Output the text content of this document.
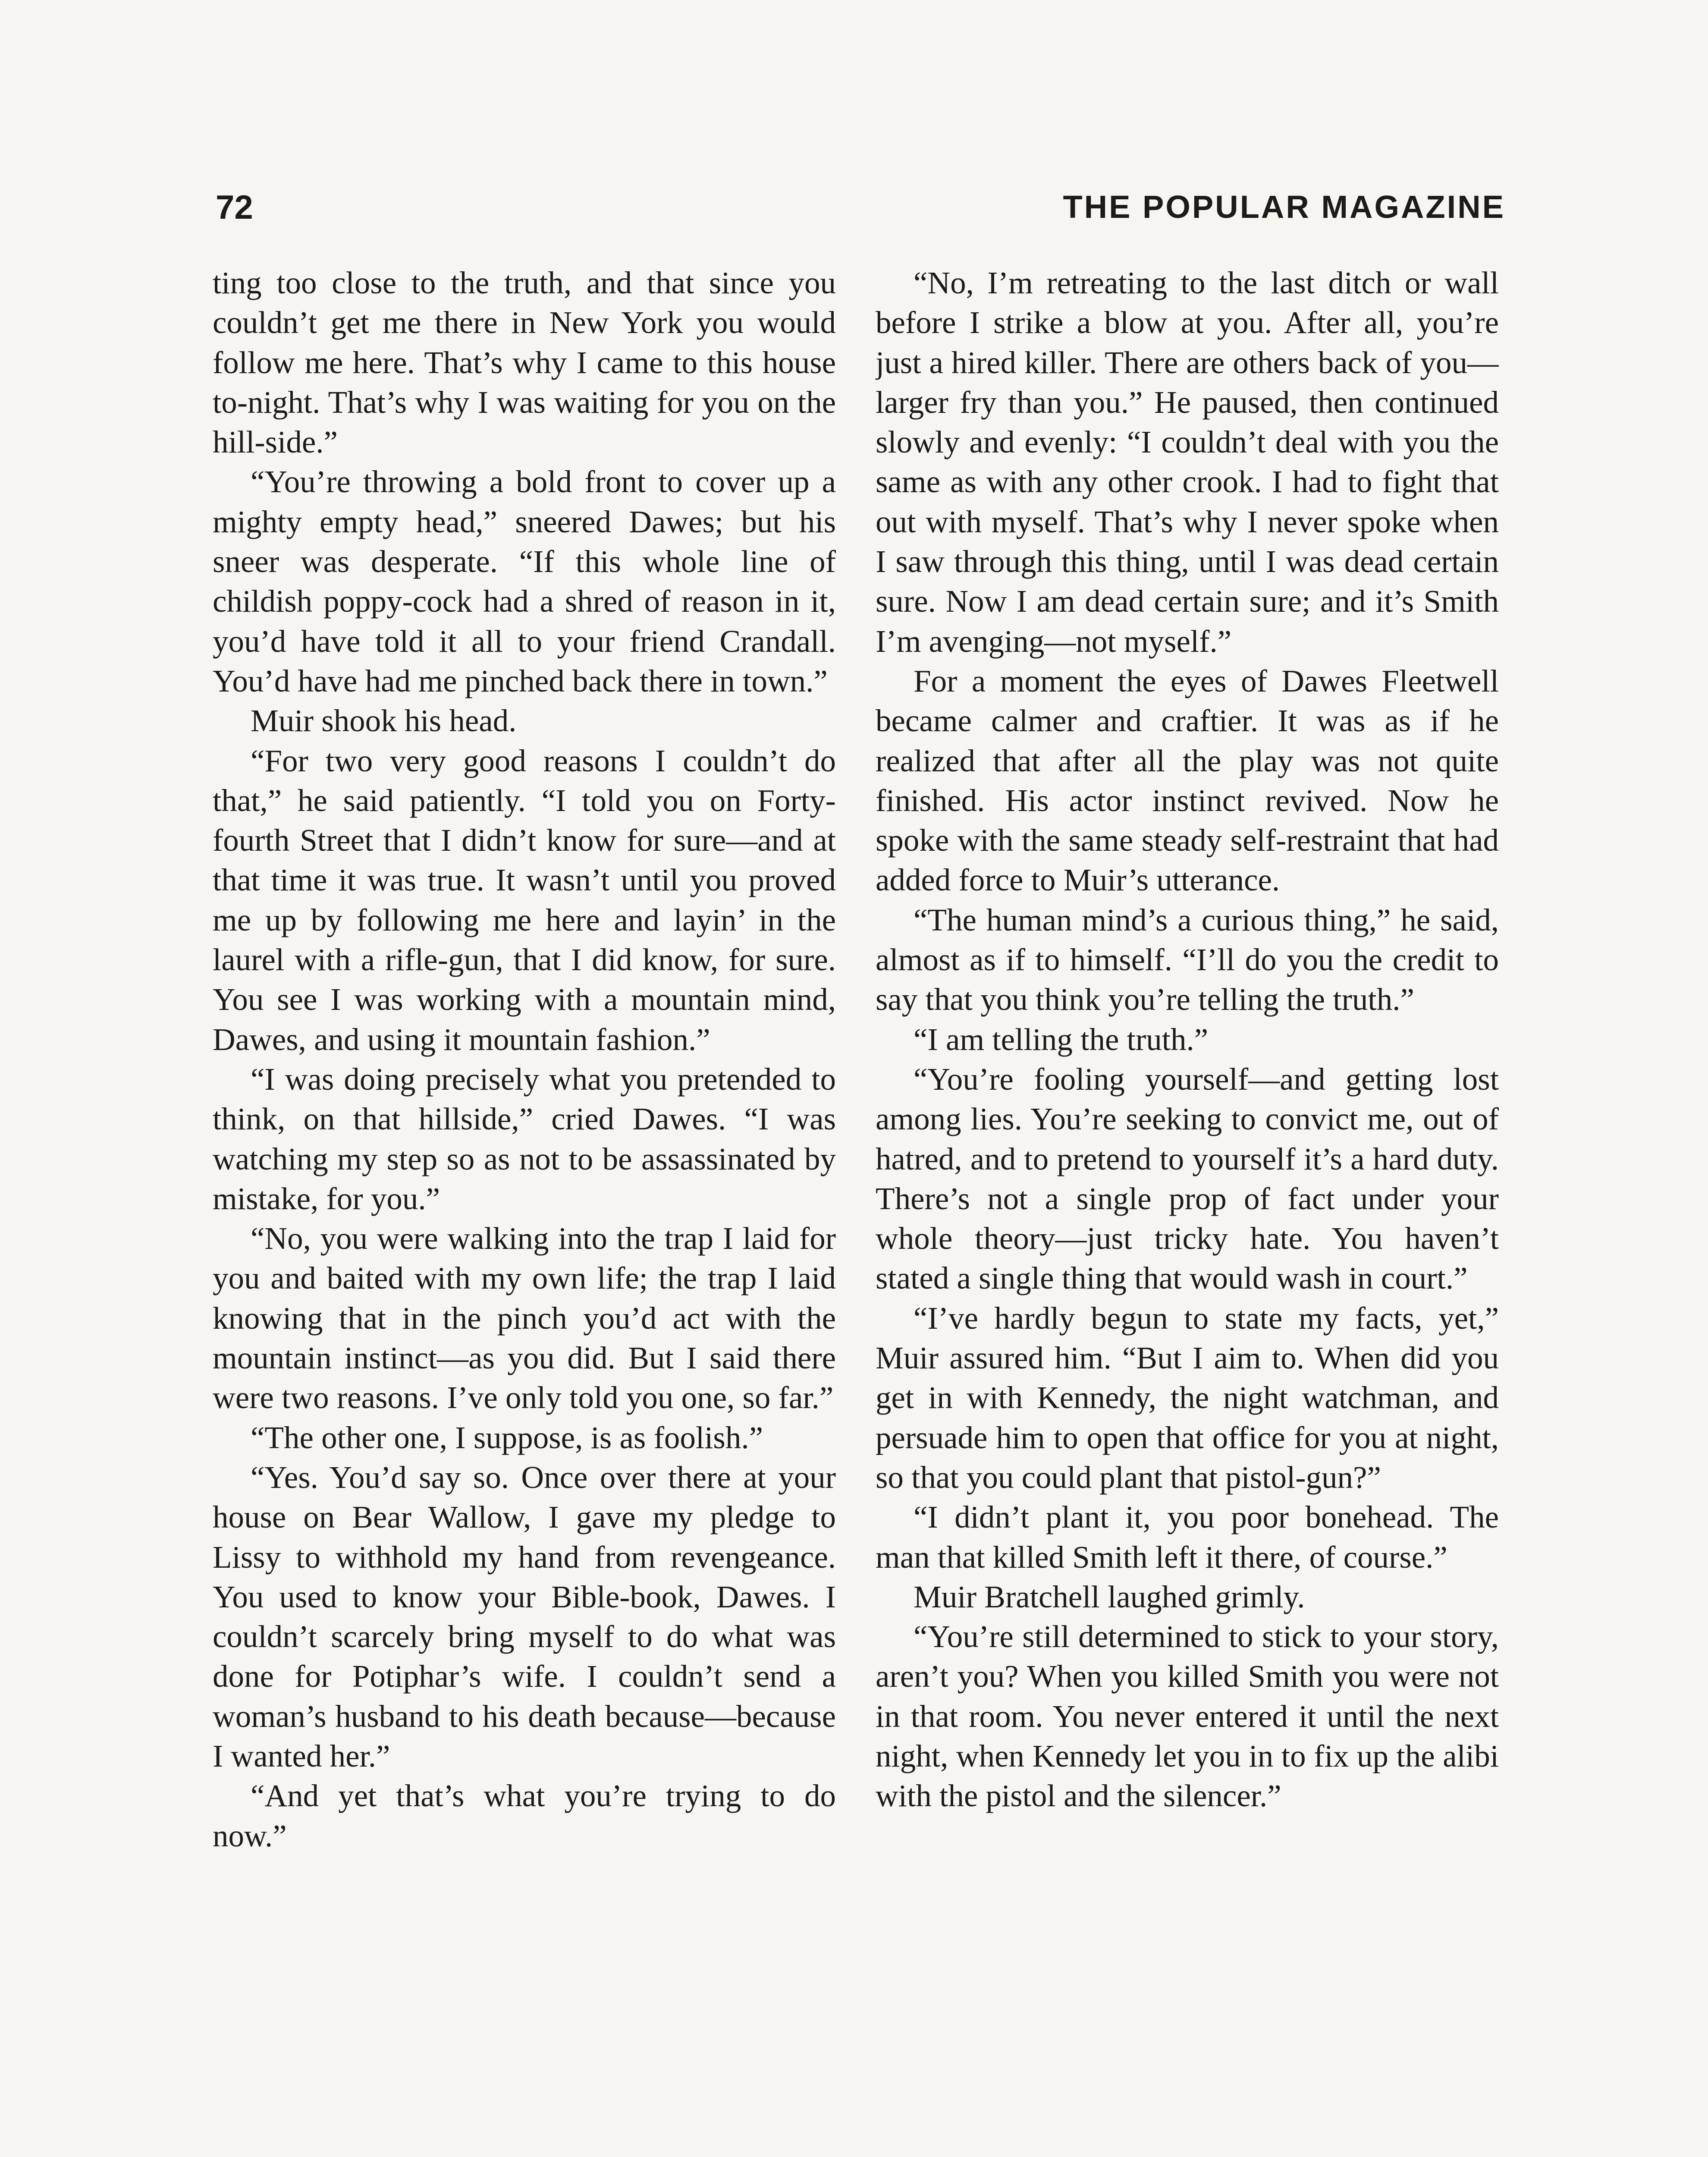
72	THE POPULAR MAGAZINE

ting too close to the truth, and that since you couldn’t get me there in New York you would follow me here. That’s why I came to this house to-night. That’s why I was waiting for you on the hill-side.”

“You’re throwing a bold front to cover up a mighty empty head,” sneered Dawes; but his sneer was desperate. “If this whole line of childish poppy-cock had a shred of reason in it, you’d have told it all to your friend Crandall. You’d have had me pinched back there in town.”

Muir shook his head.

“For two very good reasons I couldn’t do that,” he said patiently. “I told you on Forty-fourth Street that I didn’t know for sure—and at that time it was true. It wasn’t until you proved me up by following me here and layin’ in the laurel with a rifle-gun, that I did know, for sure. You see I was working with a mountain mind, Dawes, and using it mountain fashion.”

“I was doing precisely what you pretended to think, on that hillside,” cried Dawes. “I was watching my step so as not to be assassinated by mistake, for you.”

“No, you were walking into the trap I laid for you and baited with my own life; the trap I laid knowing that in the pinch you’d act with the mountain instinct—as you did. But I said there were two reasons. I’ve only told you one, so far.”

“The other one, I suppose, is as foolish.”

“Yes. You’d say so. Once over there at your house on Bear Wallow, I gave my pledge to Lissy to withhold my hand from revengeance. You used to know your Bible-book, Dawes. I couldn’t scarcely bring myself to do what was done for Potiphar’s wife. I couldn’t send a woman’s husband to his death because—because I wanted her.”

“And yet that’s what you’re trying to do now.”

“No, I’m retreating to the last ditch or wall before I strike a blow at you. After all, you’re just a hired killer. There are others back of you—larger fry than you.” He paused, then continued slowly and evenly: “I couldn’t deal with you the same as with any other crook. I had to fight that out with myself. That’s why I never spoke when I saw through this thing, until I was dead certain sure. Now I am dead certain sure; and it’s Smith I’m avenging—not myself.”

For a moment the eyes of Dawes Fleetwell became calmer and craftier. It was as if he realized that after all the play was not quite finished. His actor instinct revived. Now he spoke with the same steady self-restraint that had added force to Muir’s utterance.

“The human mind’s a curious thing,” he said, almost as if to himself. “I’ll do you the credit to say that you think you’re telling the truth.”

“I am telling the truth.”

“You’re fooling yourself—and getting lost among lies. You’re seeking to convict me, out of hatred, and to pretend to yourself it’s a hard duty. There’s not a single prop of fact under your whole theory—just tricky hate. You haven’t stated a single thing that would wash in court.”

“I’ve hardly begun to state my facts, yet,” Muir assured him. “But I aim to. When did you get in with Kennedy, the night watchman, and persuade him to open that office for you at night, so that you could plant that pistol-gun?”

“I didn’t plant it, you poor bonehead. The man that killed Smith left it there, of course.”

Muir Bratchell laughed grimly.

“You’re still determined to stick to your story, aren’t you? When you killed Smith you were not in that room. You never entered it until the next night, when Kennedy let you in to fix up the alibi with the pistol and the silencer.”
